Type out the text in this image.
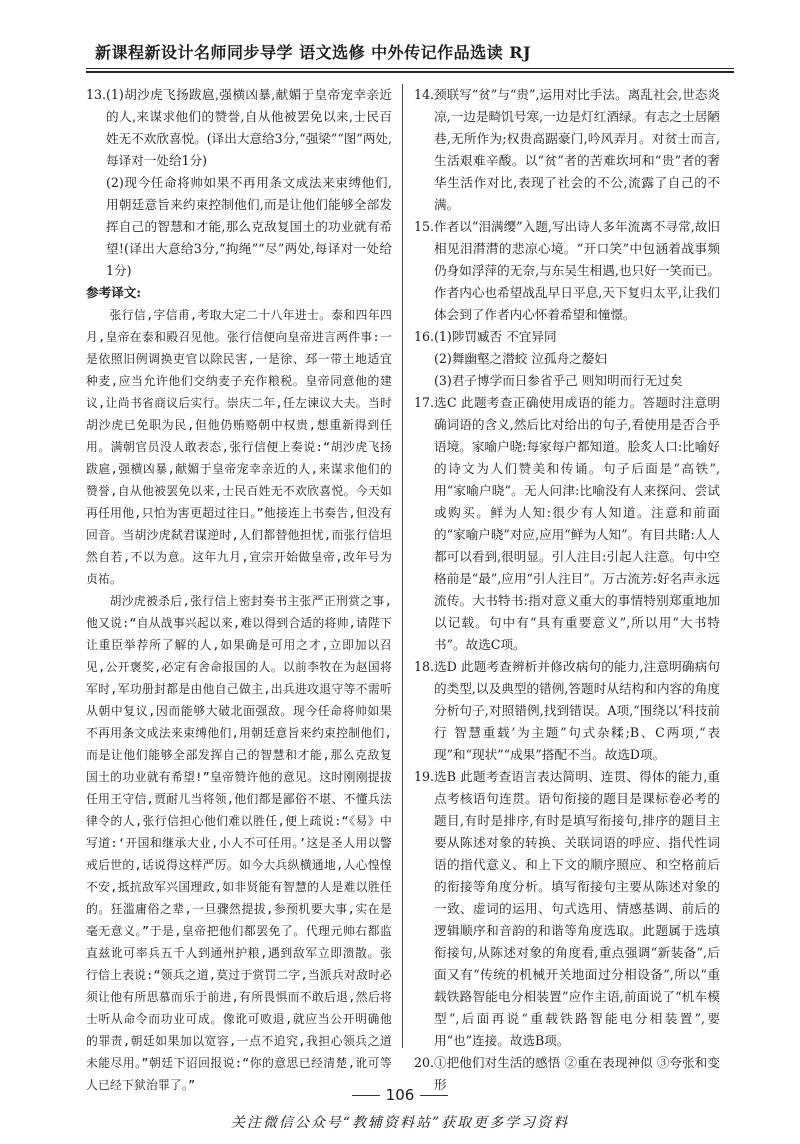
新课程新设计名师同步导学 语文选修 中外传记作品选读 RJ
13. (1)胡沙虎飞扬跋扈,强横凶暴,献媚于皇帝宠幸亲近的人,来谋求他们的赞誉,自从他被罢免以来,士民百姓无不欢欣喜悦。(译出大意给3分,“强梁”“图”两处,每译对一处给1分)

(2)现今任命将帅如果不再用条文成法来束缚他们,用朝廷意旨来约束控制他们,而是让他们能够全部发挥自己的智慧和才能,那么克敌复国土的功业就有希望!(译出大意给3分,“拘绳”“尽”两处,每译对一处给1分)

参考译文:

张行信,字信甫,考取大定二十八年进士。泰和四年四月,皇帝在泰和殿召见他。张行信便向皇帝进言两件事:一是依照旧例调换吏官以除民害,一是徐、邳一带土地适宜种麦,应当允许他们交纳麦子充作粮税。皇帝同意他的建议,让尚书省商议后实行。崇庆二年,任左谏议大夫。当时胡沙虎已免职为民,但他仍贿赂朝中权贵,想重新得到任用。满朝官员没人敢表态,张行信便上奏说:“胡沙虎飞扬跋扈,强横凶暴,献媚于皇帝宠幸亲近的人,来谋求他们的赞誉,自从他被罢免以来,士民百姓无不欢欣喜悦。今天如再任用他,只怕为害更超过往日。”他接连上书奏告,但没有回音。当胡沙虎弑君谋逆时,人们都替他担忧,而张行信坦然自若,不以为意。这年九月,宣宗开始做皇帝,改年号为贞祐。

胡沙虎被杀后,张行信上密封奏书主张严正刑赏之事,他又说:“自从战事兴起以来,难以得到合适的将帅,请陛下让重臣举荐所了解的人,如果确是可用之才,立即加以召见,公开褒奖,必定有舍命报国的人。以前李牧在为赵国将军时,军功册封都是由他自己做主,出兵进攻退守等不需听从朝中复议,因而能够大破北面强敌。现今任命将帅如果不再用条文成法来束缚他们,用朝廷意旨来约束控制他们,而是让他们能够全部发挥自己的智慧和才能,那么克敌复国土的功业就有希望!”皇帝赞许他的意见。这时刚刚提拔任用王守信,贾耐儿当将领,他们都是鄙俗不堪、不懂兵法律令的人,张行信担心他们难以胜任,便上疏说:“《易》中写道:‘开国和继承大业,小人不可任用。’这是圣人用以警戒后世的,话说得这样严厉。如今大兵纵横通地,人心惶惶不安,抵抗敌军兴国理政,如非贤能有智慧的人是难以胜任的。狂滥庸俗之辈,一旦骤然提拔,参预机要大事,实在是毫无意义。”于是,皇帝把他们都罢免了。代理元帅右都监直兹讹可率兵五千人到通州护粮,遇到敌军立即溃散。张行信上表说:“领兵之道,莫过于赏罚二字,当派兵对敌时必须让他有所思慕而乐于前进,有所畏惧而不敢后退,然后将士听从命令而功业可成。像讹可败退,就应当公开明确他的罪责,朝廷如果加以宽容,一点不追究,我担心领兵之道未能尽用。”朝廷下诏回报说:“你的意思已经清楚,讹可等人已经下狱治罪了。”

14. 颈联写“贫”与“贵”,运用对比手法。离乱社会,世态炎凉,一边是畸饥号寒,一边是灯红酒绿。有志之士居陋巷,无所作为;权贵高踞豪门,吟风弄月。对贫士而言,生活艰难辛酸。以“贫”者的苦难坎坷和“贵”者的奢华生活作对比,表现了社会的不公,流露了自己的不满。

15. 作者以“泪满缨”入题,写出诗人多年流离不寻常,故旧相见泪潸潸的悲凉心境。“开口笑”中包涵着战事频仍身如浮萍的无奈,与东吴生相遇,也只好一笑而已。作者内心也希望战乱早日平息,天下复归太平,让我们体会到了作者内心怀着希望和憧憬。

16. (1)陟罚臧否 不宜异同

(2)舞幽壑之潜蛟 泣孤舟之嫠妇

(3)君子博学而日参省乎己 则知明而行无过矣

17. 选C 此题考查正确使用成语的能力。答题时注意明确词语的含义,然后比对给出的句子,看使用是否合乎语境。家喻户晓:每家每户都知道。脍炙人口:比喻好的诗文为人们赞美和传诵。句子后面是“高铁”,用“家喻户晓”。无人问津:比喻没有人来探问、尝试或购买。鲜为人知:很少有人知道。注意和前面的“家喻户晓”对应,应用“鲜为人知”。有目共睹:人人都可以看到,很明显。引人注目:引起人注意。句中空格前是“最”,应用“引人注目”。万古流芳:好名声永远流传。大书特书:指对意义重大的事情特别郑重地加以记载。句中有“具有重要意义”,所以用“大书特书”。故选C项。

18. 选D 此题考查辨析并修改病句的能力,注意明确病句的类型,以及典型的错例,答题时从结构和内容的角度分析句子,对照错例,找到错误。A项,“围绕以‘科技前行 智慧重载’为主题”句式杂糅;B、C两项,“表现”和“现状”“成果”搭配不当。故选D项。

19. 选B 此题考查语言表达简明、连贯、得体的能力,重点考核语句连贯。语句衔接的题目是课标卷必考的题目,有时是排序,有时是填写衔接句,排序的题目主要从陈述对象的转换、关联词语的呼应、指代性词语的指代意义、和上下文的顺序照应、和空格前后的衔接等角度分析。填写衔接句主要从陈述对象的一致、虚词的运用、句式选用、情感基调、前后的逻辑顺序和音韵的和谐等角度选取。此题属于选填衔接句,从陈述对象的角度看,重点强调“新装备”,后面又有“传统的机械开关地面过分相设备”,所以“重载铁路智能电分相装置”应作主语,前面说了“机车模型”,后面再说“重载铁路智能电分相装置”,要用“也”连接。故选B项。

20. ①把他们对生活的感悟 ②重在表现神似 ③夸张和变形

106
关注微信公众号“教辅资料站”获取更多学习资料
